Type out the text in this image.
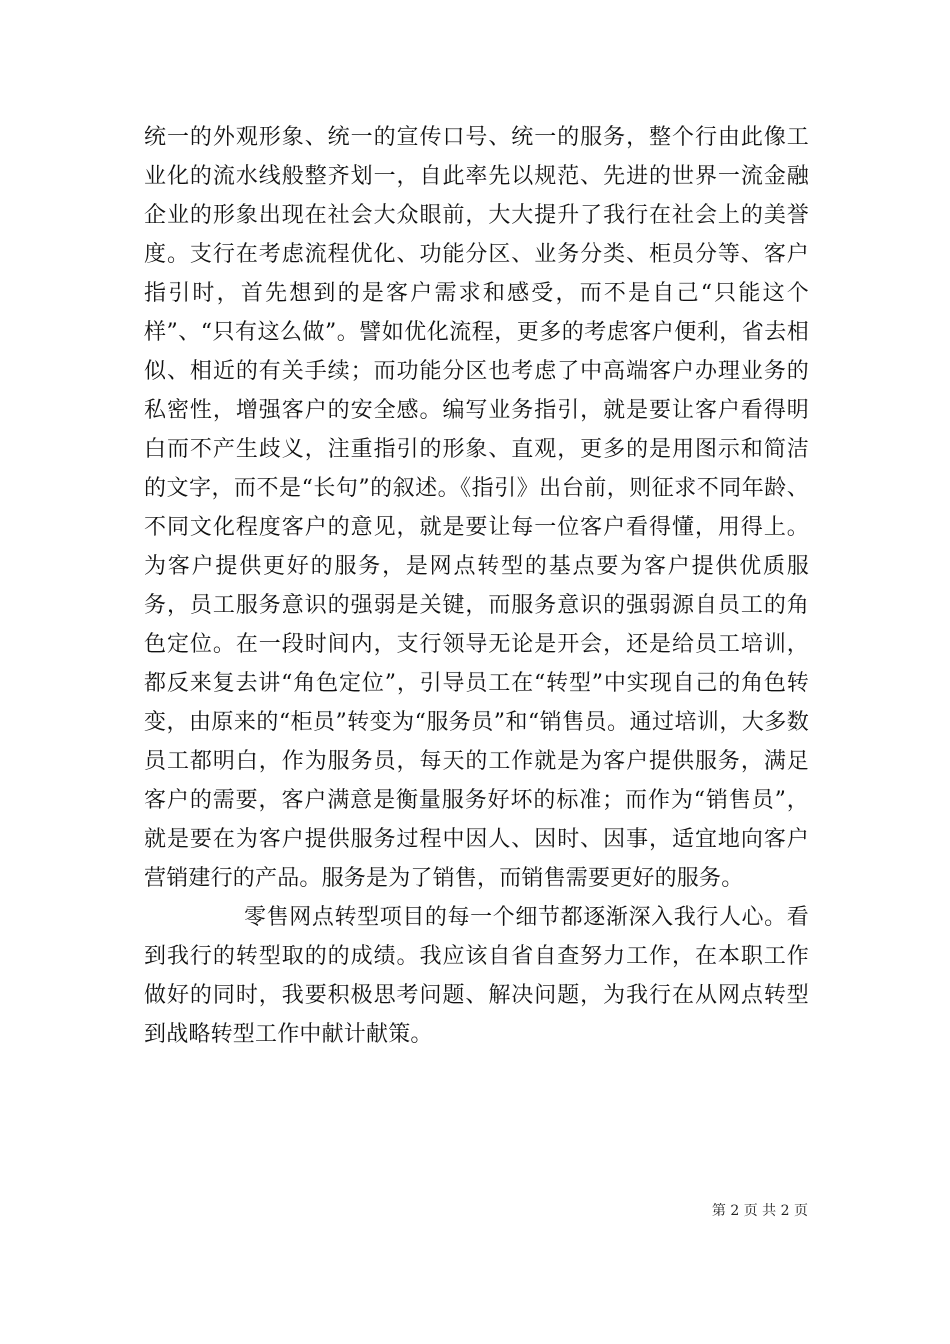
统一的外观形象、统一的宣传口号、统一的服务，整个行由此像工业化的流水线般整齐划一，自此率先以规范、先进的世界一流金融企业的形象出现在社会大众眼前，大大提升了我行在社会上的美誉度。支行在考虑流程优化、功能分区、业务分类、柜员分等、客户指引时，首先想到的是客户需求和感受，而不是自己“只能这个样”、“只有这么做”。譬如优化流程，更多的考虑客户便利，省去相似、相近的有关手续；而功能分区也考虑了中高端客户办理业务的私密性，增强客户的安全感。编写业务指引，就是要让客户看得明白而不产生歧义，注重指引的形象、直观，更多的是用图示和简洁的文字，而不是“长句”的叙述。《指引》出台前，则征求不同年龄、不同文化程度客户的意见，就是要让每一位客户看得懂，用得上。为客户提供更好的服务，是网点转型的基点要为客户提供优质服务，员工服务意识的强弱是关键，而服务意识的强弱源自员工的角色定位。在一段时间内，支行领导无论是开会，还是给员工培训，都反来复去讲“角色定位”，引导员工在“转型”中实现自己的角色转变，由原来的“柜员”转变为“服务员”和“销售员。通过培训，大多数员工都明白，作为服务员，每天的工作就是为客户提供服务，满足客户的需要，客户满意是衡量服务好坏的标准；而作为“销售员”，就是要在为客户提供服务过程中因人、因时、因事，适宜地向客户营销建行的产品。服务是为了销售，而销售需要更好的服务。

零售网点转型项目的每一个细节都逐渐深入我行人心。看到我行的转型取的的成绩。我应该自省自查努力工作，在本职工作做好的同时，我要积极思考问题、解决问题，为我行在从网点转型到战略转型工作中献计献策。

第 2 页 共 2 页
